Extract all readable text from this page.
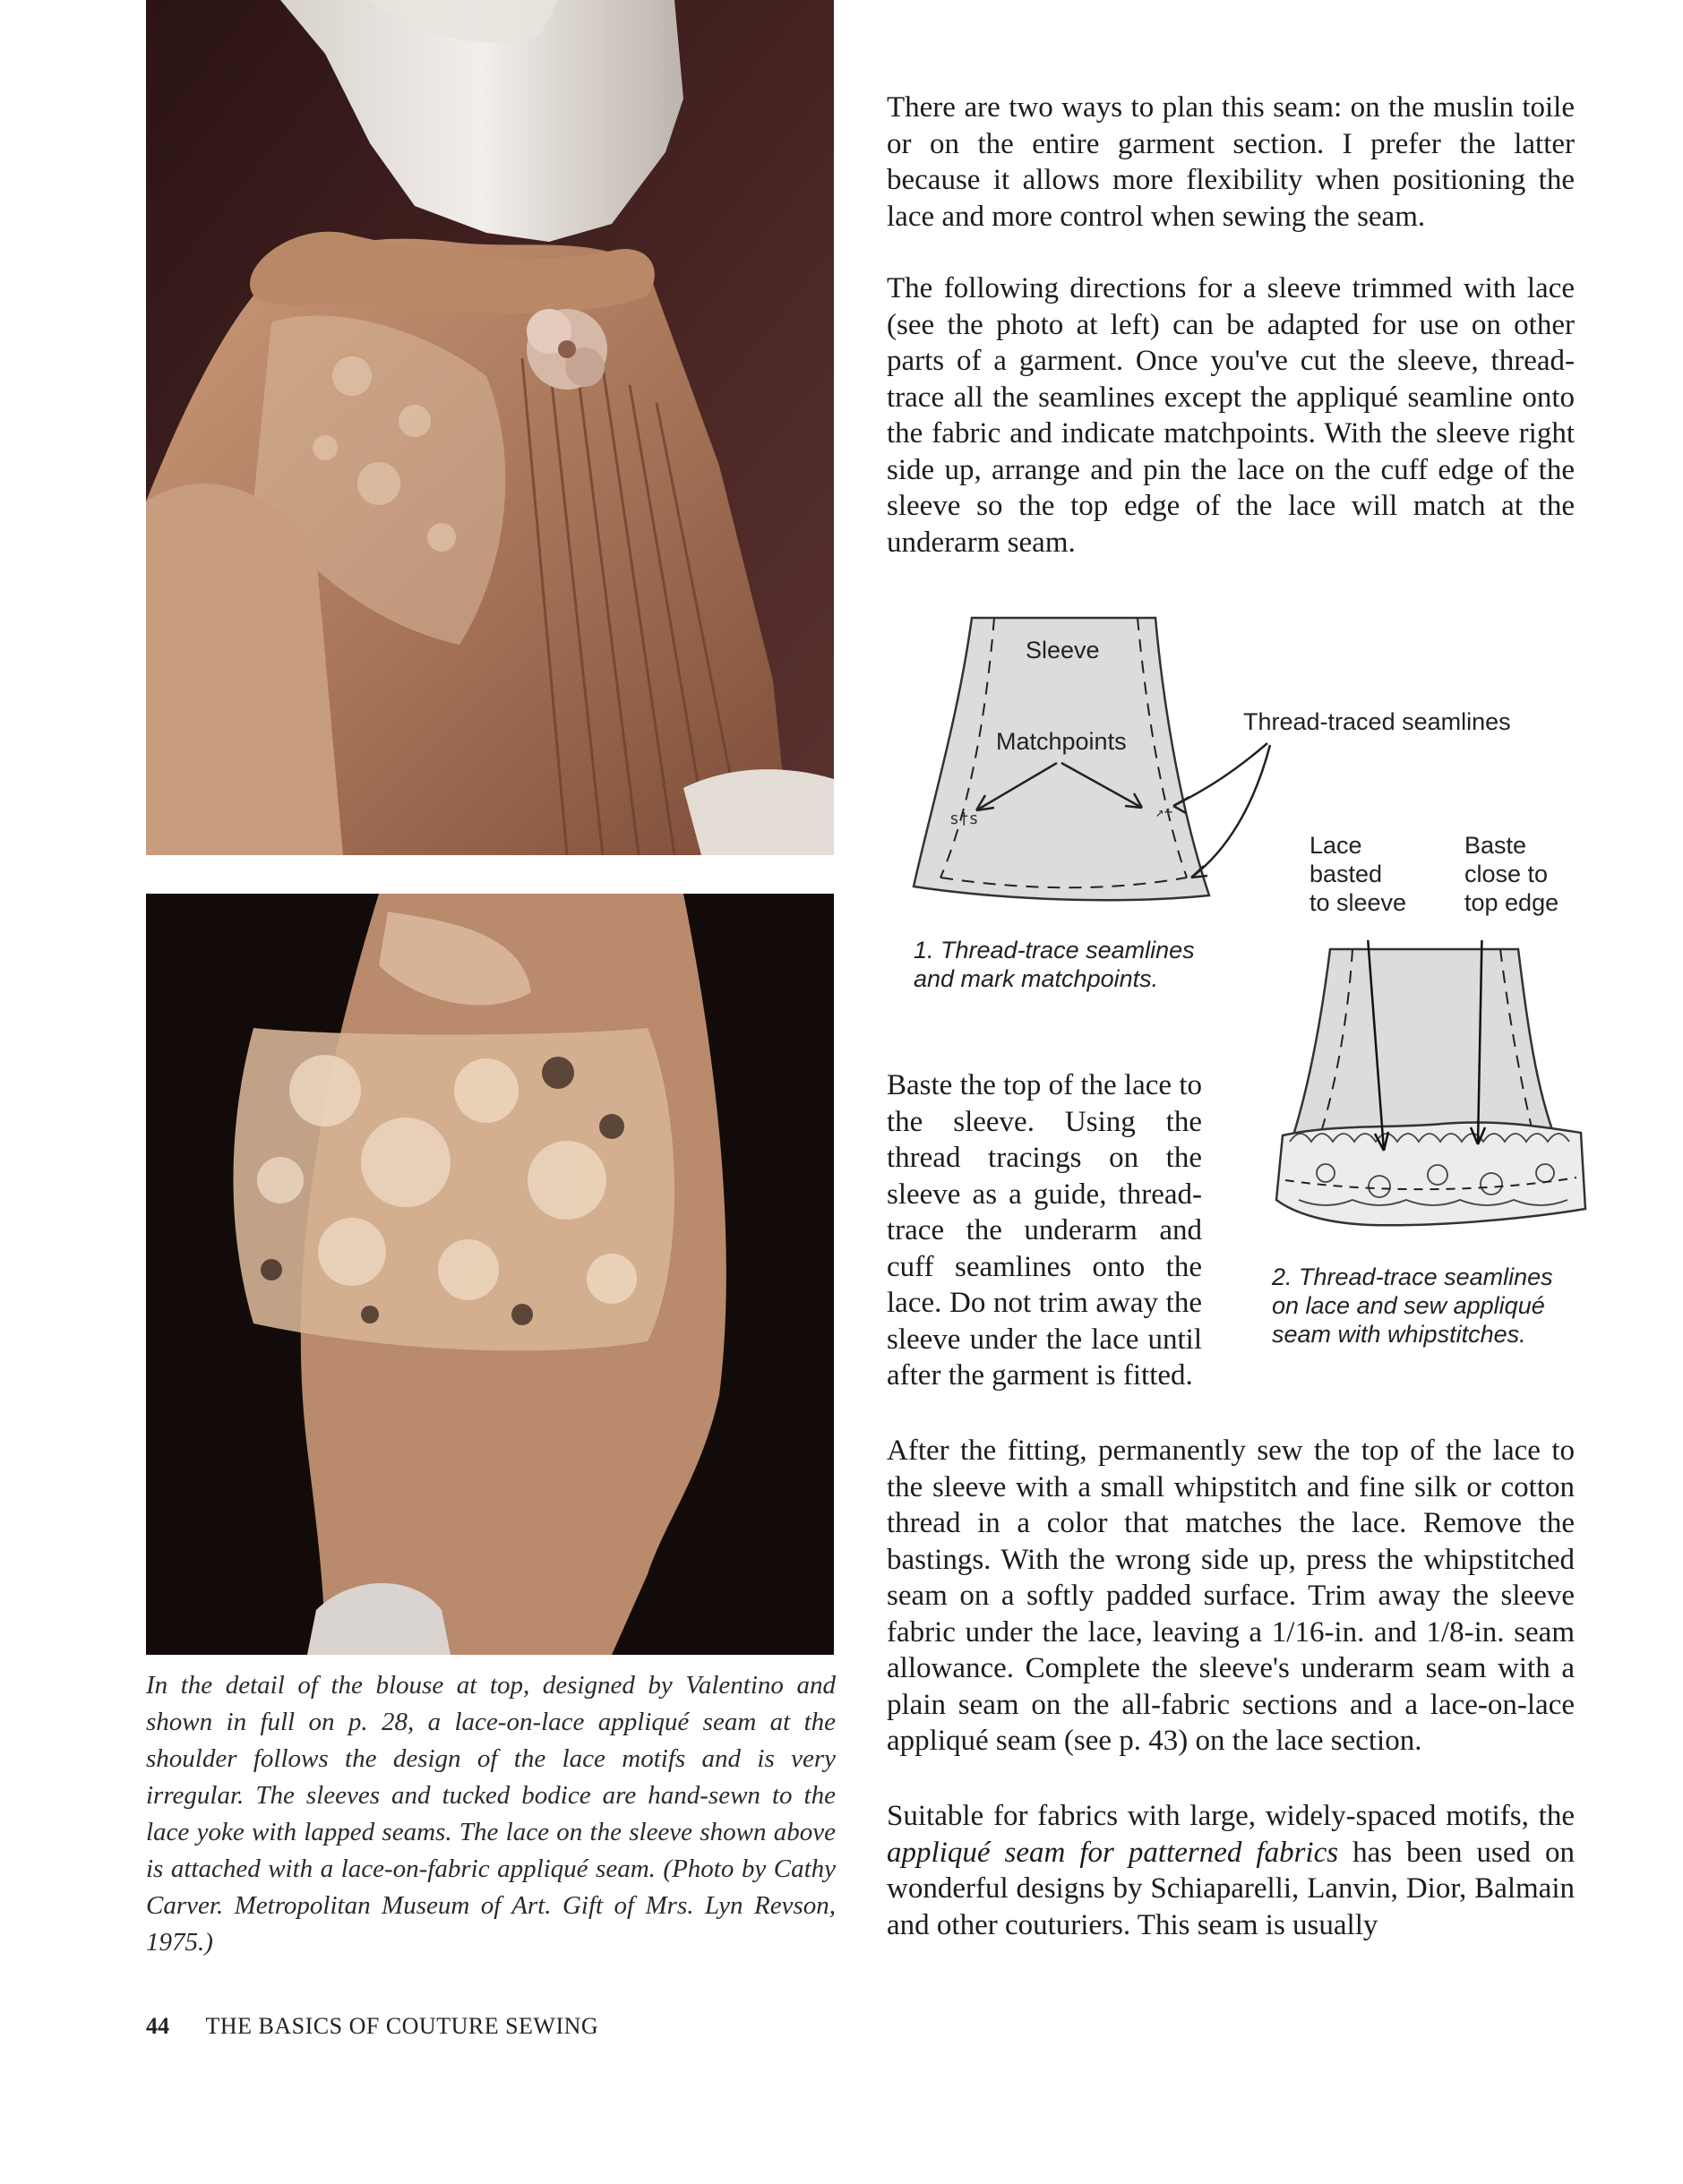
In the detail of the blouse at top, designed by Valentino and shown in full on p. 28, a lace-on-lace appliqué seam at the shoulder follows the design of the lace motifs and is very irregular. The sleeves and tucked bodice are hand-sewn to the lace yoke with lapped seams. The lace on the sleeve shown above is attached with a lace-on-fabric appliqué seam. (Photo by Cathy Carver. Metropolitan Museum of Art. Gift of Mrs. Lyn Revson, 1975.)

There are two ways to plan this seam: on the muslin toile or on the entire garment section. I prefer the latter because it allows more flexibility when positioning the lace and more control when sewing the seam.

The following directions for a sleeve trimmed with lace (see the photo at left) can be adapted for use on other parts of a garment. Once you've cut the sleeve, thread-trace all the seamlines except the appliqué seamline onto the fabric and indicate matchpoints. With the sleeve right side up, arrange and pin the lace on the cuff edge of the sleeve so the top edge of the lace will match at the underarm seam.

Baste the top of the lace to the sleeve. Using the thread tracings on the sleeve as a guide, thread-trace the underarm and cuff seamlines onto the lace. Do not trim away the sleeve under the lace until after the garment is fitted.

After the fitting, permanently sew the top of the lace to the sleeve with a small whipstitch and fine silk or cotton thread in a color that matches the lace. Remove the bastings. With the wrong side up, press the whipstitched seam on a softly padded surface. Trim away the sleeve fabric under the lace, leaving a 1/16-in. and 1/8-in. seam allowance. Complete the sleeve's underarm seam with a plain seam on the all-fabric sections and a lace-on-lace appliqué seam (see p. 43) on the lace section.

Suitable for fabrics with large, widely-spaced motifs, the appliqué seam for patterned fabrics has been used on wonderful designs by Schiaparelli, Lanvin, Dior, Balmain and other couturiers. This seam is usually

s†s	↗+
Sleeve
Matchpoints
Thread-traced seamlines
1. Thread-trace seamlines
and mark matchpoints.
Lace
basted
to sleeve
Baste
close to
top edge
2. Thread-trace seamlines
on lace and sew appliqué
seam with whipstitches.
44 THE BASICS OF COUTURE SEWING
